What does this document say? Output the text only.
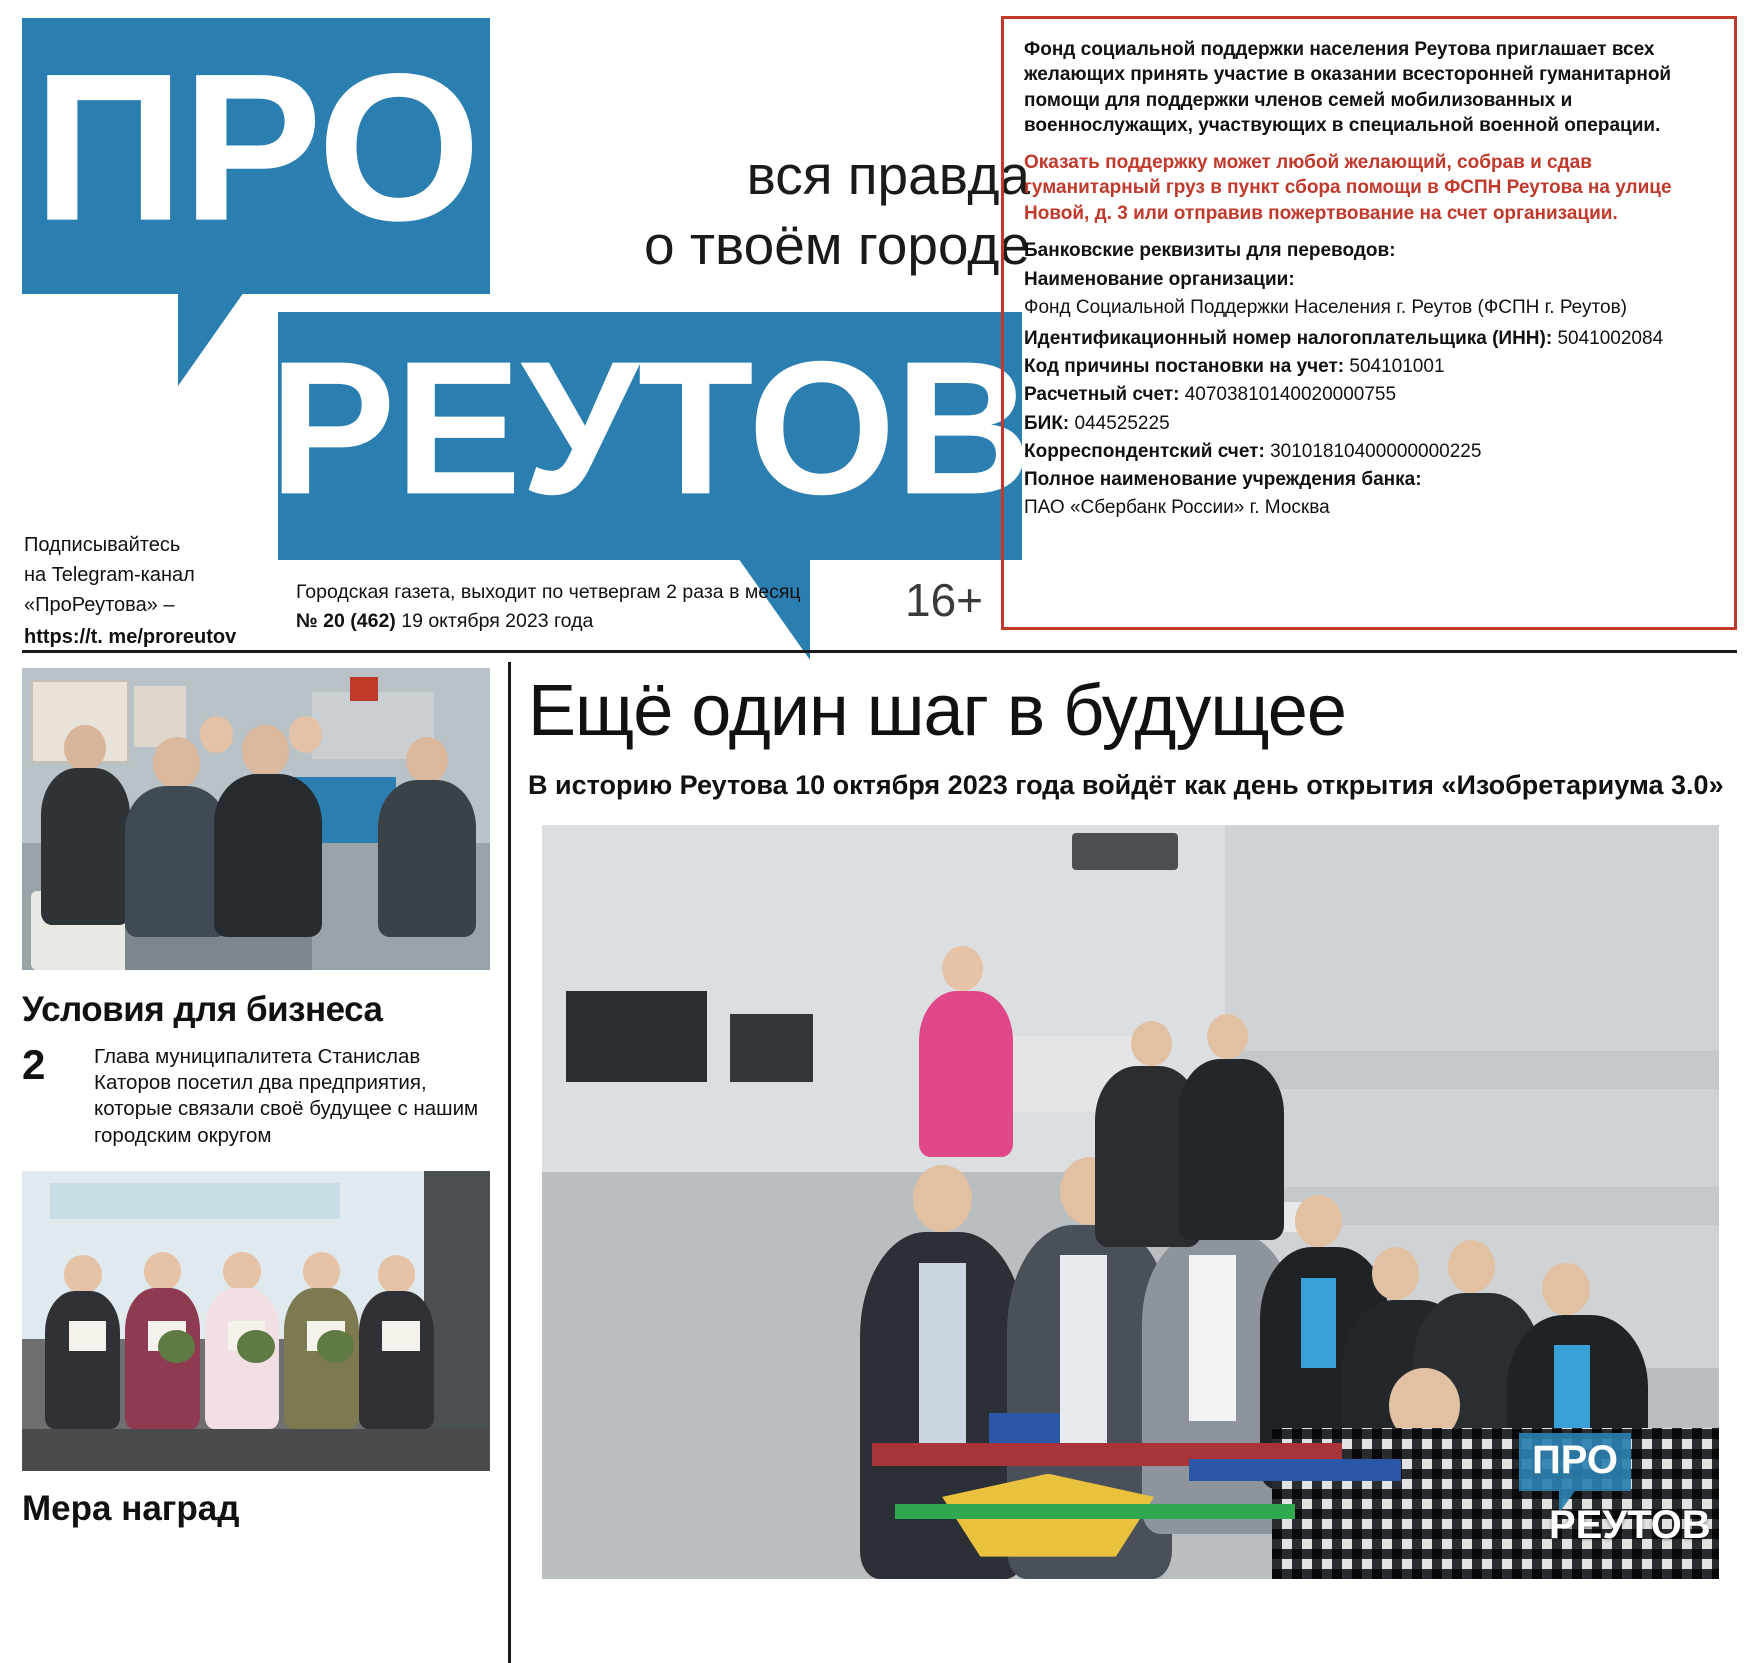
ПРО
РЕУТОВ
вся правда
о твоём городе
Подписывайтесь
на Telegram-канал
«ПроРеутова» –
https://t. me/proreutov
Городская газета, выходит по четвергам 2 раза в месяц
№ 20 (462) 19 октября 2023 года	16+

Фонд социальной поддержки населения Реутова приглашает всех желающих принять участие в оказании всесторонней гуманитарной помощи для поддержки членов семей мобилизованных и военнослужащих, участвующих в специальной военной операции.

Оказать поддержку может любой желающий, собрав и сдав гуманитарный груз в пункт сбора помощи в ФСПН Реутова на улице Новой, д. 3 или отправив пожертвование на счет организации.

Банковские реквизиты для переводов:

Наименование организации:
Фонд Социальной Поддержки Населения г. Реутов (ФСПН г. Реутов)
Идентификационный номер налогоплательщика (ИНН): 5041002084
Код причины постановки на учет: 504101001
Расчетный счет: 40703810140020000755
БИК: 044525225
Корреспондентский счет: 30101810400000000225
Полное наименование учреждения банка:
ПАО «Сбербанк России» г. Москва
Условия для бизнеса
2	Глава муниципалитета Станислав Каторов посетил два предприятия, которые связали своё будущее с нашим городским округом
Мера наград
Ещё один шаг в будущее
В историю Реутова 10 октября 2023 года войдёт как день открытия «Изобретариума 3.0»
ПРО
РЕУТОВ
